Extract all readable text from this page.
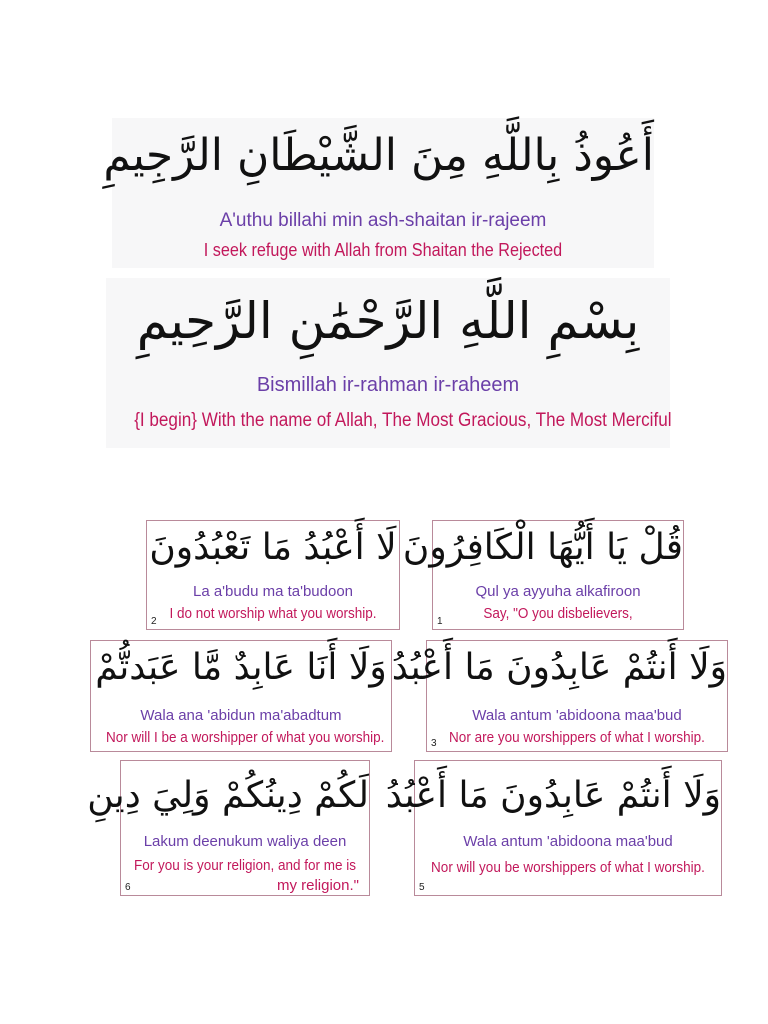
أَعُوذُ بِاللَّهِ مِنَ الشَّيْطَانِ الرَّجِيمِ
A'uthu billahi min ash-shaitan ir-rajeem
I seek refuge with Allah from Shaitan the Rejected
بِسْمِ اللَّهِ الرَّحْمَٰنِ الرَّحِيمِ
Bismillah ir-rahman ir-raheem
{I begin} With the name of Allah, The Most Gracious, The Most Merciful
قُلْ يَا أَيُّهَا الْكَافِرُونَ
Qul ya ayyuha alkafiroon
Say, "O you disbelievers,
1
لَا أَعْبُدُ مَا تَعْبُدُونَ
La a'budu ma ta'budoon
I do not worship what you worship.
2
وَلَا أَنتُمْ عَابِدُونَ مَا أَعْبُدُ
Wala antum 'abidoona maa'bud
Nor are you worshippers of what I worship.
3
وَلَا أَنَا عَابِدٌ مَّا عَبَدتُّمْ
Wala ana 'abidun ma'abadtum
Nor will I be a worshipper of what you worship.
وَلَا أَنتُمْ عَابِدُونَ مَا أَعْبُدُ
Wala antum 'abidoona maa'bud
Nor will you be worshippers of what I worship.
5
لَكُمْ دِينُكُمْ وَلِيَ دِينِ
Lakum deenukum waliya deen
For you is your religion, and for me is
my religion."
6
